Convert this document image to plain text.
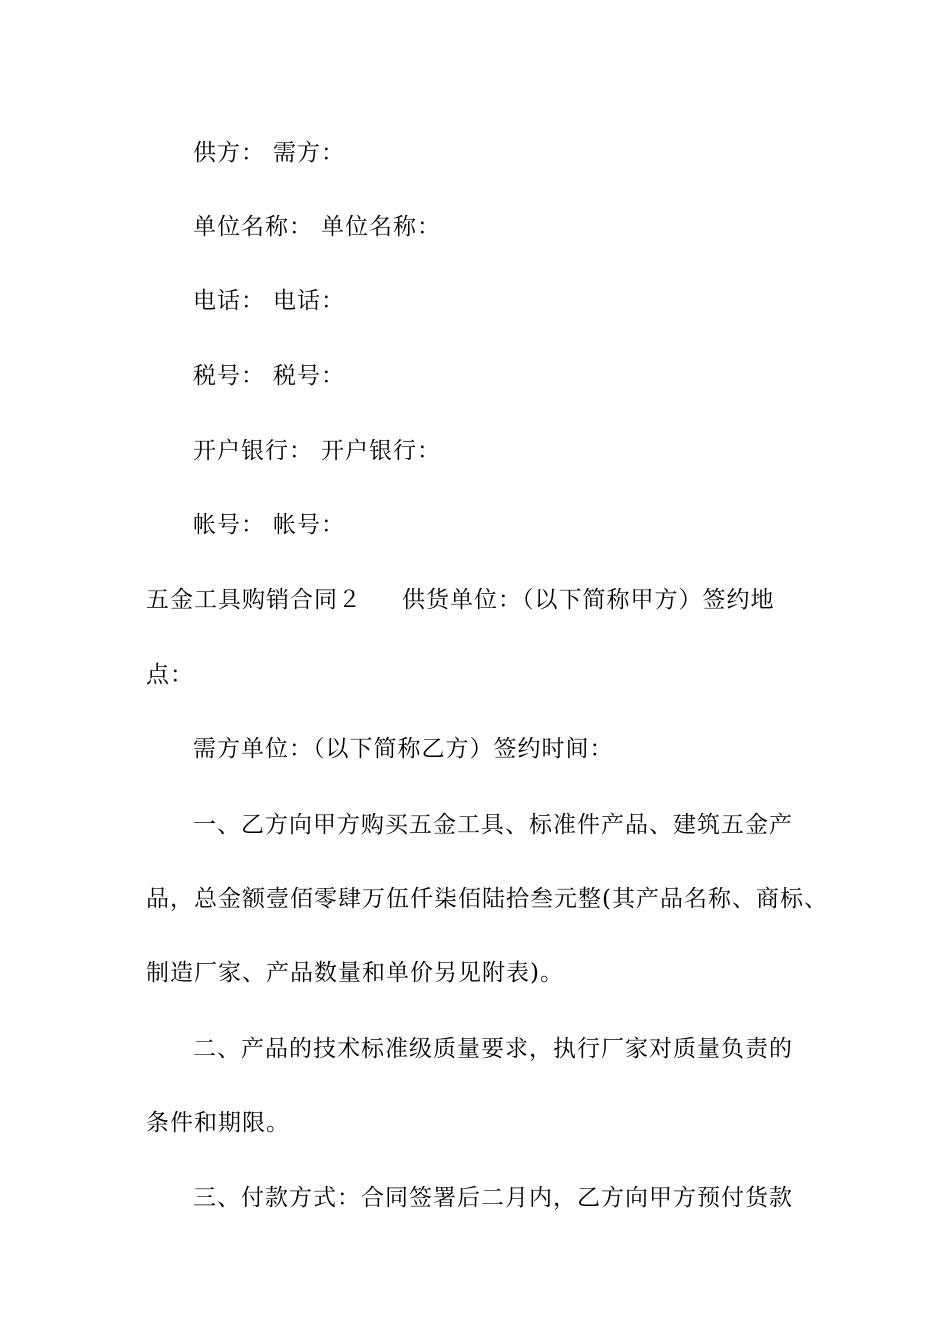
供方： 需方：
单位名称： 单位名称：
电话： 电话：
税号： 税号：
开户银行： 开户银行：
帐号： 帐号：
五金工具购销合同２ 供货单位：（以下简称甲方）签约地
点：
需方单位：（以下简称乙方）签约时间：
一、乙方向甲方购买五金工具、标准件产品、建筑五金产
品，总金额壹佰零肆万伍仟柒佰陆拾叁元整(其产品名称、商标、
制造厂家、产品数量和单价另见附表)。
二、产品的技术标准级质量要求，执行厂家对质量负责的
条件和期限。
三、付款方式：合同签署后二月内，乙方向甲方预付货款
